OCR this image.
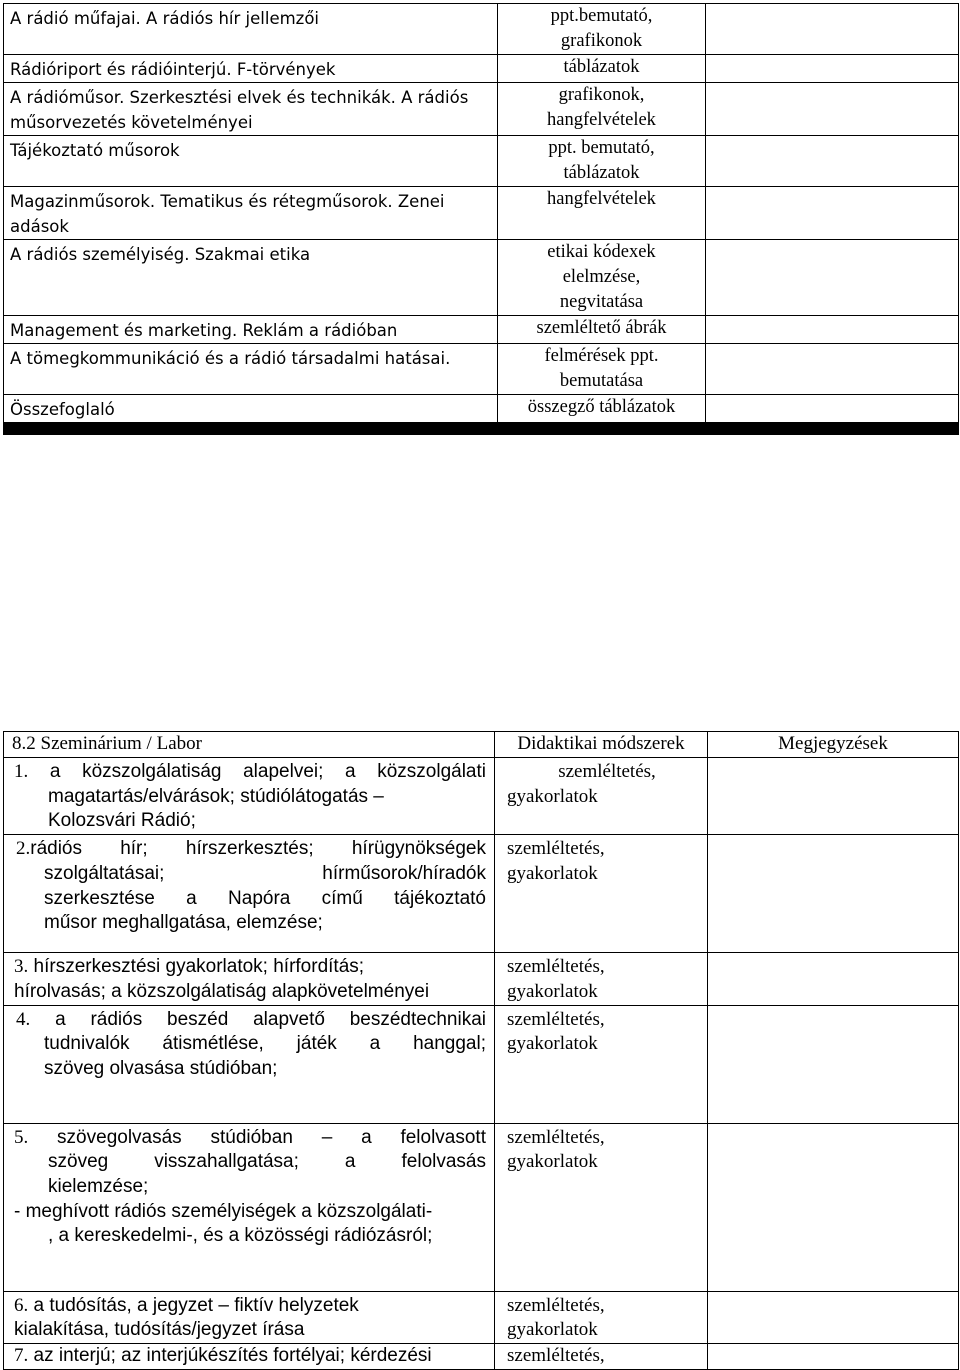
A rádió műfajai. A rádiós hír jellemzői	ppt.bemutató,
grafikonok	

Rádióriport és rádióinterjú. F-törvények	táblázatok	

A rádióműsor. Szerkesztési elvek és technikák. A rádiós
műsorvezetés követelményei	grafikonok,
hangfelvételek	

Tájékoztató műsorok	ppt. bemutató,
táblázatok	

Magazinműsorok. Tematikus és rétegműsorok. Zenei
adások	hangfelvételek	

A rádiós személyiség. Szakmai etika	etikai kódexek
elelmzése,
negvitatása	

Management és marketing. Reklám a rádióban	szemléltető ábrák	

A tömegkommunikáció és a rádió társadalmi hatásai.	felmérések ppt.
bemutatása	

Összefoglaló	összegző táblázatok	

8.2 Szeminárium / Labor	Didaktikai módszerek	Megjegyzések

1. a közszolgálatiság alapelvei; a közszolgálati
magatartás/elvárások; stúdiólátogatás –
Kolozsvári Rádió;	szemléltetés,
gyakorlatok	

2.rádiós hír; hírszerkesztés; hírügynökségek
szolgáltatásai; hírműsorok/híradók
szerkesztése a Napóra című tájékoztató
műsor meghallgatása, elemzése;	szemléltetés,
gyakorlatok	

3. hírszerkesztési gyakorlatok; hírfordítás;
hírolvasás; a közszolgálatiság alapkövetelményei	szemléltetés,
gyakorlatok	

4. a rádiós beszéd alapvető beszédtechnikai
tudnivalók átismétlése, játék a hanggal;
szöveg olvasása stúdióban;	szemléltetés,
gyakorlatok	

5. szövegolvasás stúdióban – a felolvasott
szöveg visszahallgatása; a felolvasás
kielemzése;
- meghívott rádiós személyiségek a közszolgálati-
, a kereskedelmi-, és a közösségi rádiózásról;	szemléltetés,
gyakorlatok	

6. a tudósítás, a jegyzet – fiktív helyzetek
kialakítása, tudósítás/jegyzet írása	szemléltetés,
gyakorlatok	

7. az interjú; az interjúkészítés fortélyai; kérdezési	szemléltetés,	
